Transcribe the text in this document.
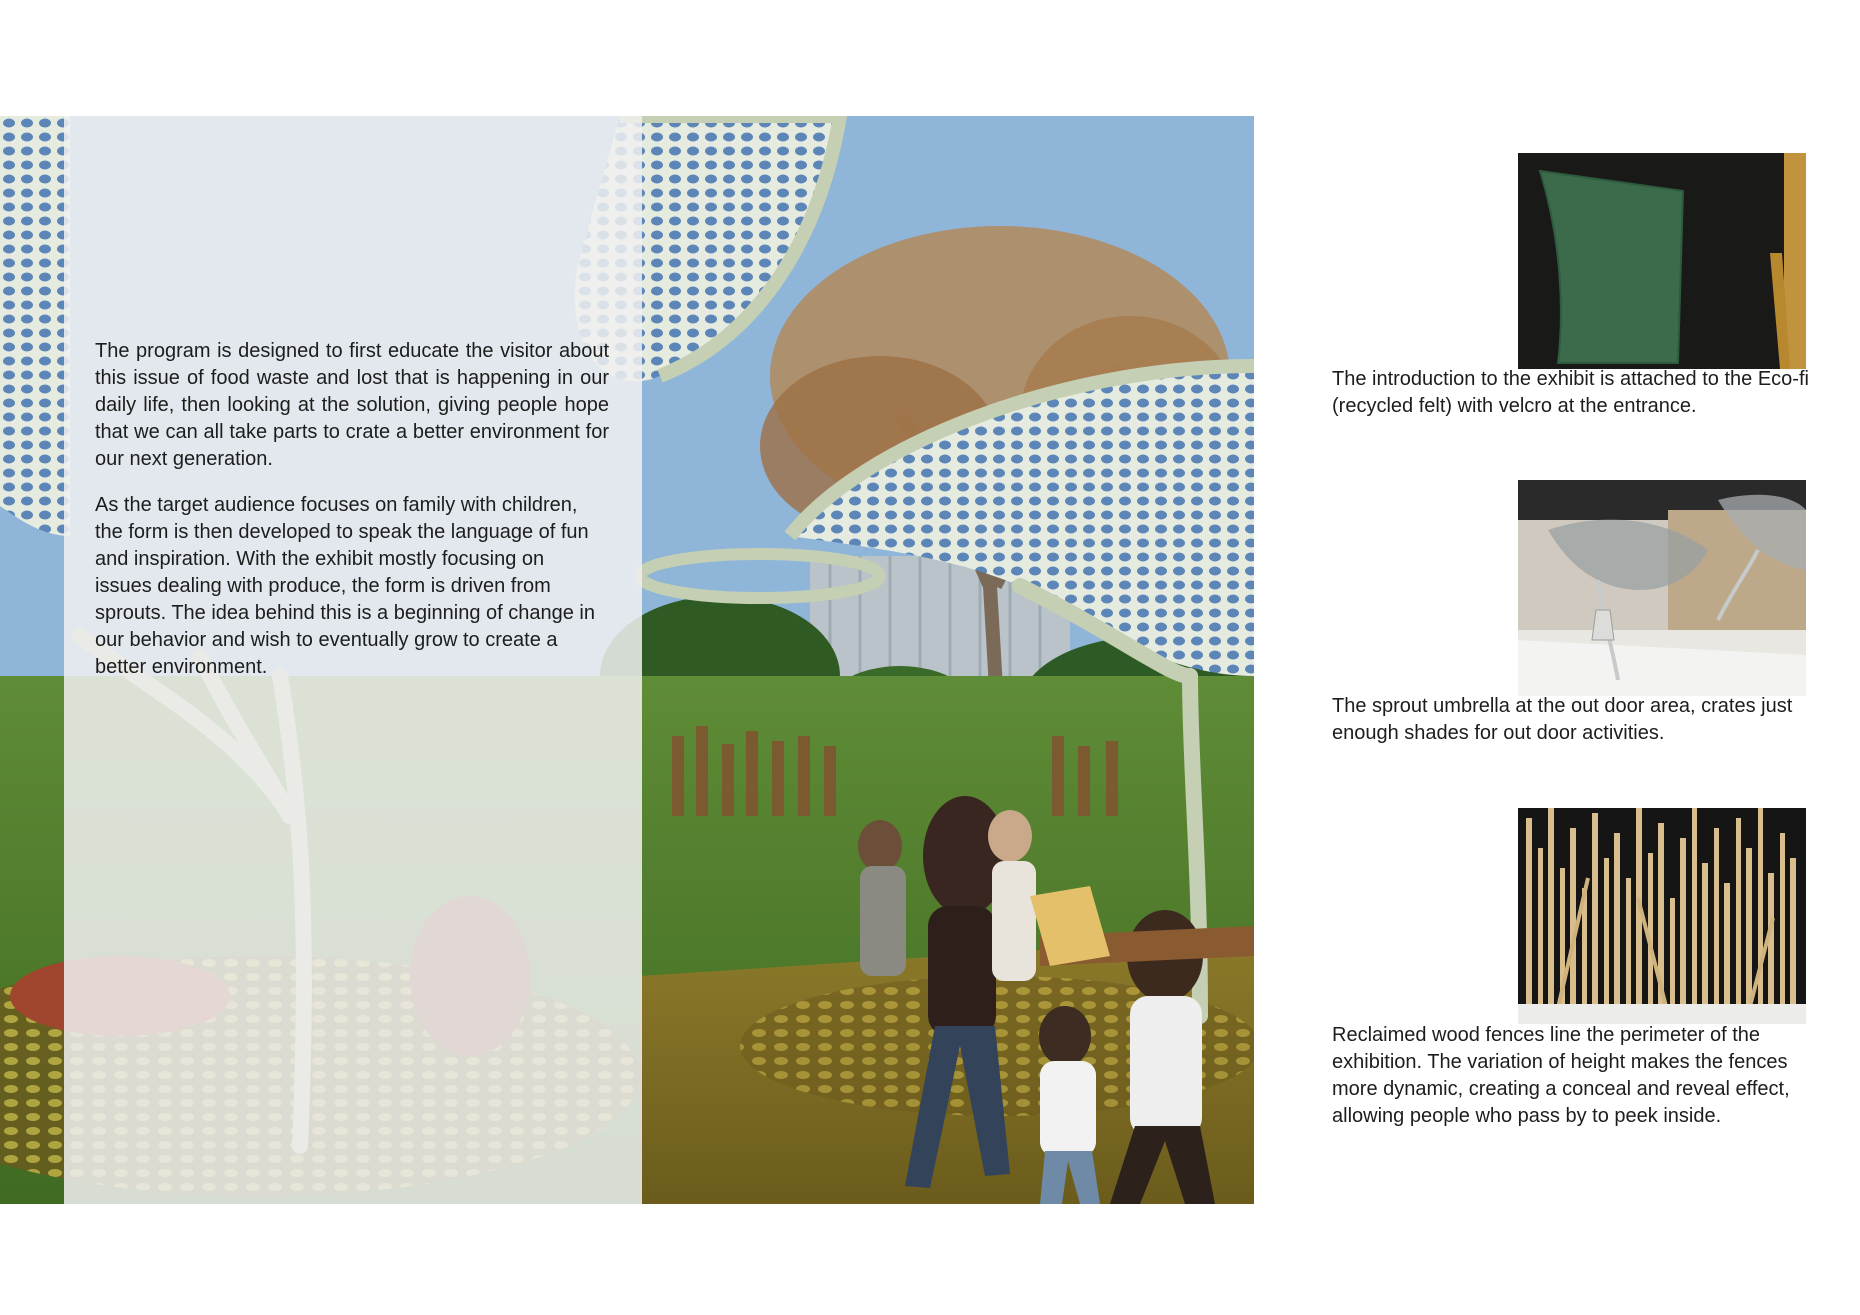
The program is designed to first educate the visitor about this issue of food waste and lost that is happening in our daily life, then looking at the solution, giving people hope that we can all take parts to crate a better environment for our next generation.

As the target audience focuses on family with children, the form is then developed to speak the language of fun and inspiration. With the exhibit mostly focusing on issues dealing with produce, the form is driven from sprouts. The idea behind this is a beginning of change in our behavior and wish to eventually grow to create a better environment.

The introduction to the exhibit is attached to the Eco-fi (recycled felt) with velcro at the entrance.

The sprout umbrella at the out door area, crates just enough shades for out door activities.

Reclaimed wood fences line the perimeter of the exhibition. The variation of height makes the fences more dynamic, creating a conceal and reveal effect, allowing people who pass by to peek inside.
